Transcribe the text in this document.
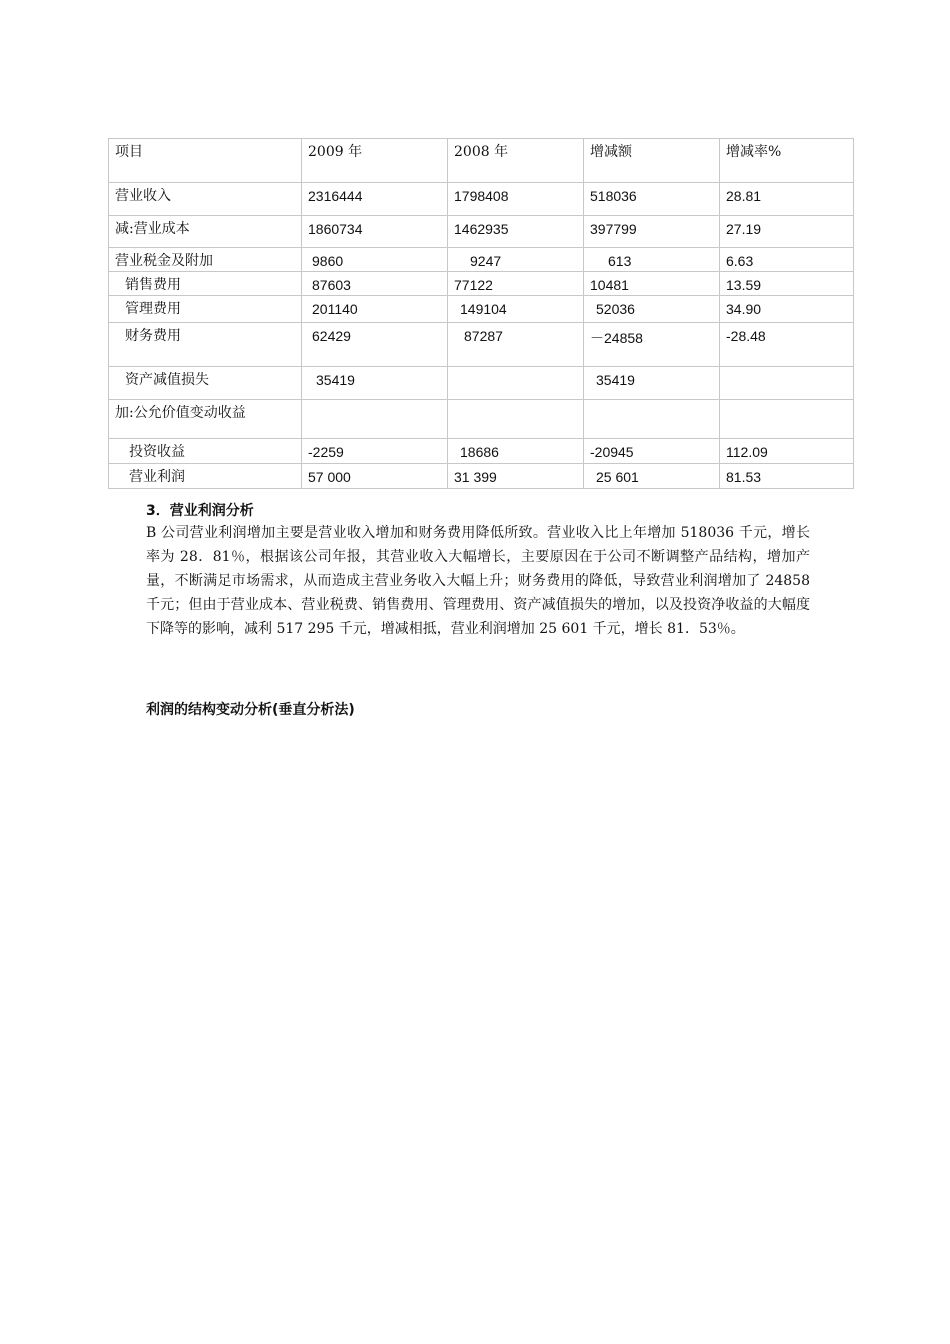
项目	2009 年	2008 年	增减额	增减率%
营业收入	2316444	1798408	518036	28.81
减:营业成本	1860734	1462935	397799	27.19
营业税金及附加	9860	9247	613	6.63
销售费用	87603	77122	10481	13.59
管理费用	201140	149104	52036	34.90
财务费用	62429	87287	－24858	-28.48
资产减值损失	35419		35419	
加:公允价值变动收益				
投资收益	-2259	18686	-20945	112.09
营业利润	57 000	31 399	25 601	81.53
3．营业利润分析
B 公司营业利润增加主要是营业收入增加和财务费用降低所致。营业收入比上年增加 518036 千元，增长率为 28．81％，根据该公司年报，其营业收入大幅增长，主要原因在于公司不断调整产品结构，增加产量，不断满足市场需求，从而造成主营业务收入大幅上升；财务费用的降低，导致营业利润增加了 24858 千元；但由于营业成本、营业税费、销售费用、管理费用、资产减值损失的增加，以及投资净收益的大幅度下降等的影响，减利 517 295 千元，增减相抵，营业利润增加 25 601 千元，增长 81．53％。
利润的结构变动分析(垂直分析法)
